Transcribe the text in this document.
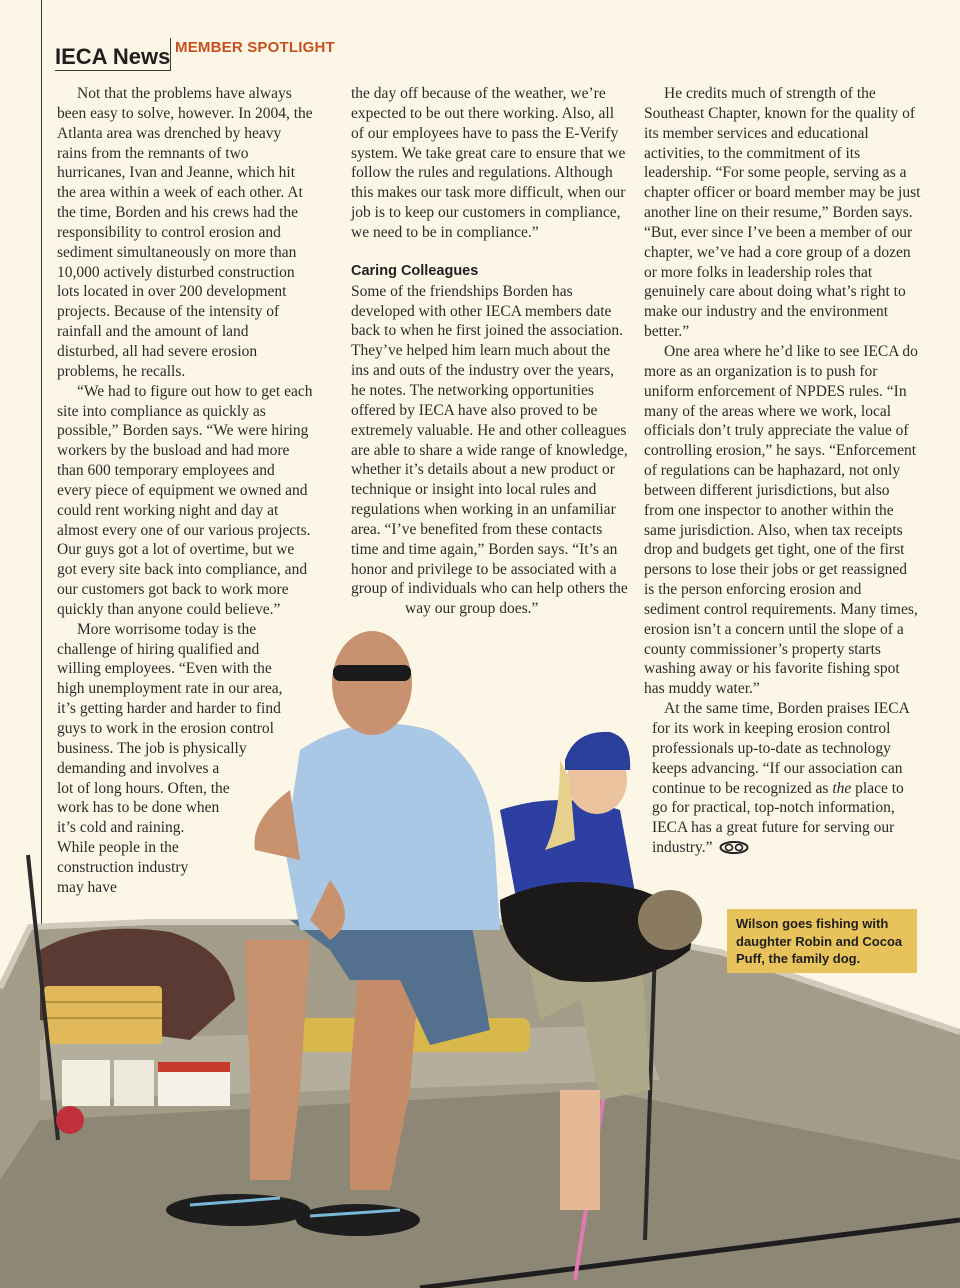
IECA News MEMBER SPOTLIGHT

Not that the problems have always been easy to solve, however. In 2004, the Atlanta area was drenched by heavy rains from the remnants of two hurricanes, Ivan and Jeanne, which hit the area within a week of each other. At the time, Borden and his crews had the responsibility to control erosion and sediment simultaneously on more than 10,000 actively disturbed construction lots located in over 200 development projects. Because of the intensity of rainfall and the amount of land disturbed, all had severe erosion problems, he recalls.

“We had to figure out how to get each site into compliance as quickly as possible,” Borden says. “We were hiring workers by the busload and had more than 600 temporary employees and every piece of equipment we owned and could rent working night and day at almost every one of our various projects. Our guys got a lot of overtime, but we got every site back into compliance, and our customers got back to work more quickly than anyone could believe.”

More worrisome today is the challenge of hiring qualified and willing employees. “Even with the high unemployment rate in our area, it’s getting harder and harder to find guys to work in the erosion control business. The job is physically demanding and involves a lot of long hours. Often, the work has to be done when it’s cold and raining. While people in the construction industry may have

the day off because of the weather, we’re expected to be out there working. Also, all of our employees have to pass the E-Verify system. We take great care to ensure that we follow the rules and regulations. Although this makes our task more difficult, when our job is to keep our customers in compliance, we need to be in compliance.”

Caring Colleagues

Some of the friendships Borden has developed with other IECA members date back to when he first joined the association. They’ve helped him learn much about the ins and outs of the industry over the years, he notes. The networking opportunities offered by IECA have also proved to be extremely valuable. He and other colleagues are able to share a wide range of knowledge, whether it’s details about a new product or technique or insight into local rules and regulations when working in an unfamiliar area. “I’ve benefited from these contacts time and time again,” Borden says. “It’s an honor and privilege to be associated with a group of individuals who can help others the way our group does.”

He credits much of strength of the Southeast Chapter, known for the quality of its member services and educational activities, to the commitment of its leadership. “For some people, serving as a chapter officer or board member may be just another line on their resume,” Borden says. “But, ever since I’ve been a member of our chapter, we’ve had a core group of a dozen or more folks in leadership roles that genuinely care about doing what’s right to make our industry and the environment better.”

One area where he’d like to see IECA do more as an organization is to push for uniform enforcement of NPDES rules. “In many of the areas where we work, local officials don’t truly appreciate the value of controlling erosion,” he says. “Enforcement of regulations can be haphazard, not only between different jurisdictions, but also from one inspector to another within the same jurisdiction. Also, when tax receipts drop and budgets get tight, one of the first persons to lose their jobs or get reassigned is the person enforcing erosion and sediment control requirements. Many times, erosion isn’t a concern until the slope of a county commissioner’s property starts washing away or his favorite fishing spot has muddy water.”

At the same time, Borden praises IECA for its work in keeping erosion control professionals up-to-date as technology keeps advancing. “If our association can continue to be recognized as the place to go for practical, top-notch information, IECA has a great future for serving our industry.”

Wilson goes fishing with daughter Robin and Cocoa Puff, the family dog.
